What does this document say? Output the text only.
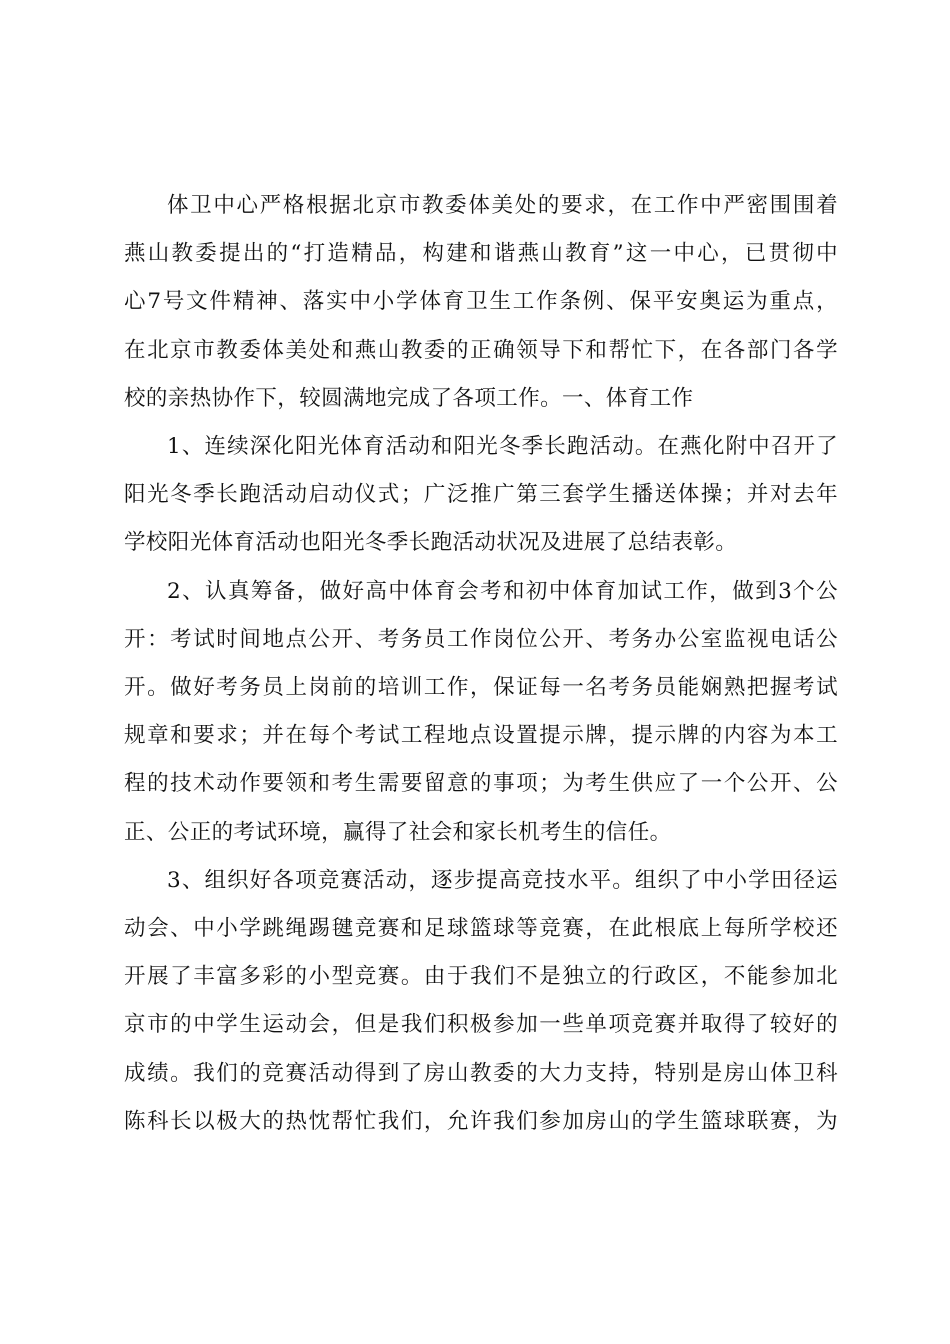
体卫中心严格根据北京市教委体美处的要求，在工作中严密围围着
燕山教委提出的“打造精品，构建和谐燕山教育”这一中心，已贯彻中
心7号文件精神、落实中小学体育卫生工作条例、保平安奥运为重点，
在北京市教委体美处和燕山教委的正确领导下和帮忙下，在各部门各学
校的亲热协作下，较圆满地完成了各项工作。一、体育工作
1、连续深化阳光体育活动和阳光冬季长跑活动。在燕化附中召开了
阳光冬季长跑活动启动仪式；广泛推广第三套学生播送体操；并对去年
学校阳光体育活动也阳光冬季长跑活动状况及进展了总结表彰。
2、认真筹备，做好高中体育会考和初中体育加试工作，做到3个公
开：考试时间地点公开、考务员工作岗位公开、考务办公室监视电话公
开。做好考务员上岗前的培训工作，保证每一名考务员能娴熟把握考试
规章和要求；并在每个考试工程地点设置提示牌，提示牌的内容为本工
程的技术动作要领和考生需要留意的事项；为考生供应了一个公开、公
正、公正的考试环境，赢得了社会和家长机考生的信任。
3、组织好各项竞赛活动，逐步提高竞技水平。组织了中小学田径运
动会、中小学跳绳踢毽竞赛和足球篮球等竞赛，在此根底上每所学校还
开展了丰富多彩的小型竞赛。由于我们不是独立的行政区，不能参加北
京市的中学生运动会，但是我们积极参加一些单项竞赛并取得了较好的
成绩。我们的竞赛活动得到了房山教委的大力支持，特别是房山体卫科
陈科长以极大的热忱帮忙我们，允许我们参加房山的学生篮球联赛，为
